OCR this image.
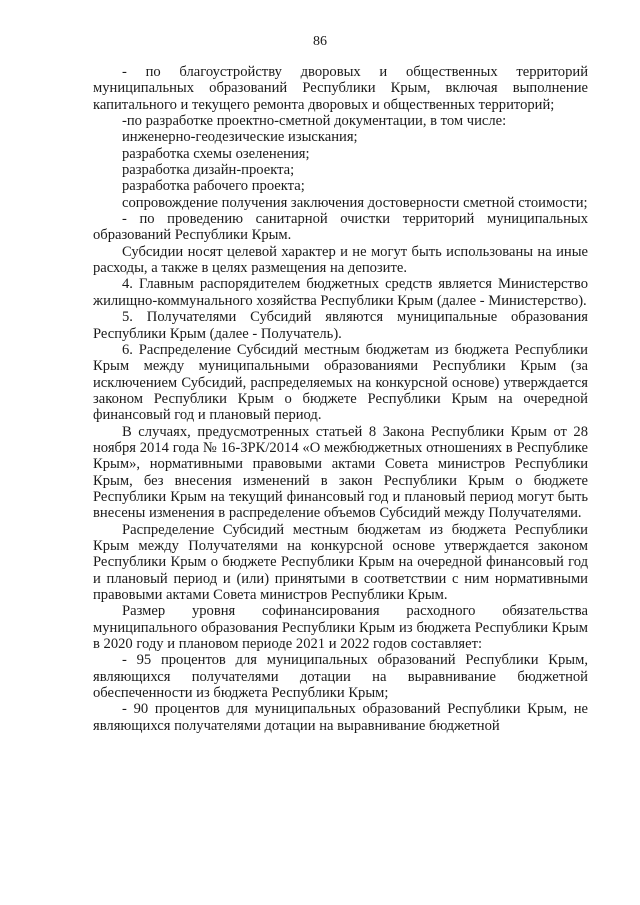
86

- по благоустройству дворовых и общественных территорий муниципальных образований Республики Крым, включая выполнение капитального и текущего ремонта дворовых и общественных территорий;

-по разработке проектно-сметной документации, в том числе:

инженерно-геодезические изыскания;

разработка схемы озеленения;

разработка дизайн-проекта;

разработка рабочего проекта;

сопровождение получения заключения достоверности сметной стоимости;

- по проведению санитарной очистки территорий муниципальных образований Республики Крым.

Субсидии носят целевой характер и не могут быть использованы на иные расходы, а также в целях размещения на депозите.

4. Главным распорядителем бюджетных средств является Министерство жилищно-коммунального хозяйства Республики Крым (далее - Министерство).

5. Получателями Субсидий являются муниципальные образования Республики Крым (далее - Получатель).

6. Распределение Субсидий местным бюджетам из бюджета Республики Крым между муниципальными образованиями Республики Крым (за исключением Субсидий, распределяемых на конкурсной основе) утверждается законом Республики Крым о бюджете Республики Крым на очередной финансовый год и плановый период.

В случаях, предусмотренных статьей 8 Закона Республики Крым от 28 ноября 2014 года № 16-ЗРК/2014 «О межбюджетных отношениях в Республике Крым», нормативными правовыми актами Совета министров Республики Крым, без внесения изменений в закон Республики Крым о бюджете Республики Крым на текущий финансовый год и плановый период могут быть внесены изменения в распределение объемов Субсидий между Получателями.

Распределение Субсидий местным бюджетам из бюджета Республики Крым между Получателями на конкурсной основе утверждается законом Республики Крым о бюджете Республики Крым на очередной финансовый год и плановый период и (или) принятыми в соответствии с ним нормативными правовыми актами Совета министров Республики Крым.

Размер уровня софинансирования расходного обязательства муниципального образования Республики Крым из бюджета Республики Крым в 2020 году и плановом периоде 2021 и 2022 годов составляет:

- 95 процентов для муниципальных образований Республики Крым, являющихся получателями дотации на выравнивание бюджетной обеспеченности из бюджета Республики Крым;

- 90 процентов для муниципальных образований Республики Крым, не являющихся получателями дотации на выравнивание бюджетной
